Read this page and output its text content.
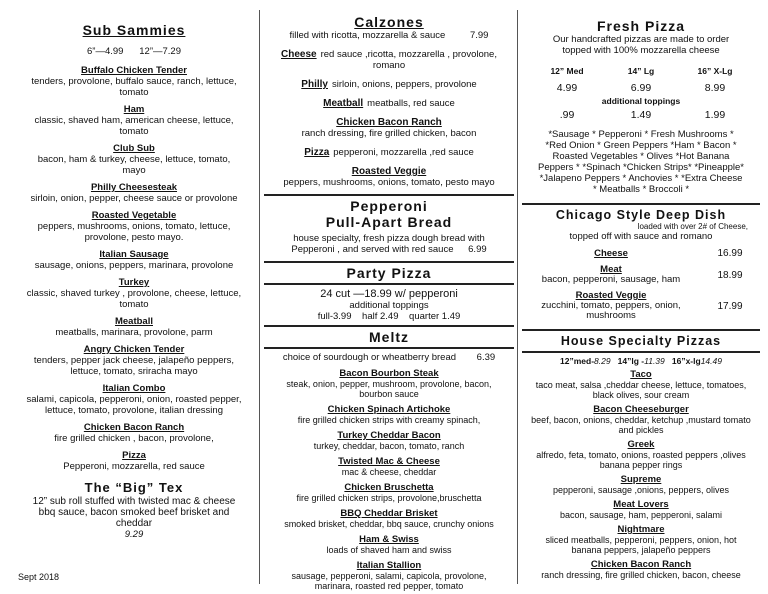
Sub Sammies
6”—4.99      12”—7.29
Buffalo Chicken Tender
tenders, provolone, buffalo sauce, ranch, lettuce, tomato
Ham
classic, shaved ham, american cheese, lettuce, tomato
Club Sub
bacon, ham & turkey, cheese, lettuce, tomato, mayo
Philly Cheesesteak
sirloin, onion, pepper, cheese sauce or provolone
Roasted Vegetable
peppers, mushrooms, onions, tomato, lettuce, provolone, pesto mayo.
Italian Sausage
sausage, onions, peppers, marinara, provolone
Turkey
classic, shaved turkey , provolone, cheese, lettuce, tomato
Meatball
meatballs, marinara, provolone, parm
Angry Chicken Tender
tenders, pepper jack cheese, jalapeño peppers, lettuce, tomato, sriracha mayo
Italian Combo
salami, capicola, pepperoni, onion, roasted pepper, lettuce, tomato, provolone, italian dressing
Chicken Bacon Ranch
fire grilled chicken , bacon, provolone,
Pizza
Pepperoni, mozzarella, red sauce
The “Big” Tex
12” sub roll stuffed with twisted mac & cheese bbq sauce, bacon smoked beef brisket and cheddar
9.29
Sept 2018
Calzones
filled with ricotta, mozzarella & sauce	7.99
Cheese red sauce ,ricotta, mozzarella , provolone, romano
Philly sirloin, onions, peppers, provolone
Meatball meatballs, red sauce
Chicken Bacon Ranch
ranch dressing, fire grilled chicken, bacon
Pizza pepperoni, mozzarella ,red sauce
Roasted Veggie
peppers, mushrooms, onions, tomato, pesto mayo
Pepperoni
Pull-Apart Bread
house specialty, fresh pizza dough bread with Pepperoni , and served with red sauce 6.99
Party Pizza
24 cut —18.99 w/ pepperoni
additional toppings
full-3.99    half 2.49    quarter 1.49
Meltz
choice of sourdough or wheatberry bread 6.39
Bacon Bourbon Steak
steak, onion, pepper, mushroom, provolone, bacon, bourbon sauce
Chicken Spinach Artichoke
fire grilled chicken strips with creamy spinach,
Turkey Cheddar Bacon
turkey, cheddar, bacon, tomato, ranch
Twisted Mac & Cheese
mac & cheese, cheddar
Chicken Bruschetta
fire grilled chicken strips, provolone,bruschetta
BBQ Cheddar Brisket
smoked brisket, cheddar, bbq sauce, crunchy onions
Ham & Swiss
loads of shaved ham and swiss
Italian Stallion
sausage, pepperoni, salami, capicola, provolone, marinara, roasted red pepper, tomato
Fresh Pizza
Our handcrafted pizzas are made to order topped with 100% mozzarella cheese
12” Med	14” Lg	16” X-Lg
4.99	6.99	8.99
additional toppings
.99	1.49	1.99
*Sausage * Pepperoni * Fresh Mushrooms * *Red Onion * Green Peppers *Ham * Bacon * Roasted Vegetables * Olives *Hot Banana Peppers * *Spinach *Chicken Strips* *Pineapple* *Jalapeno Peppers * Anchovies * *Extra Cheese * Meatballs * Broccoli *
Chicago Style Deep Dish
loaded with over 2# of Cheese,
topped off with sauce and romano
Cheese	16.99
Meat
bacon, pepperoni, sausage, ham	18.99
Roasted Veggie
zucchini, tomato, peppers, onion, mushrooms
17.99
House Specialty Pizzas
12”med-8.29 14”lg -11.39 16”x-lg14.49
Taco
taco meat, salsa ,cheddar cheese, lettuce, tomatoes, black olives, sour cream
Bacon Cheeseburger
beef, bacon, onions, cheddar, ketchup ,mustard tomato and pickles
Greek
alfredo, feta, tomato, onions, roasted peppers ,olives banana pepper rings
Supreme
pepperoni, sausage ,onions, peppers, olives
Meat Lovers
bacon, sausage, ham, pepperoni, salami
Nightmare
sliced meatballs, pepperoni, peppers, onion, hot banana peppers, jalapeño peppers
Chicken Bacon Ranch
ranch dressing, fire grilled chicken, bacon, cheese
